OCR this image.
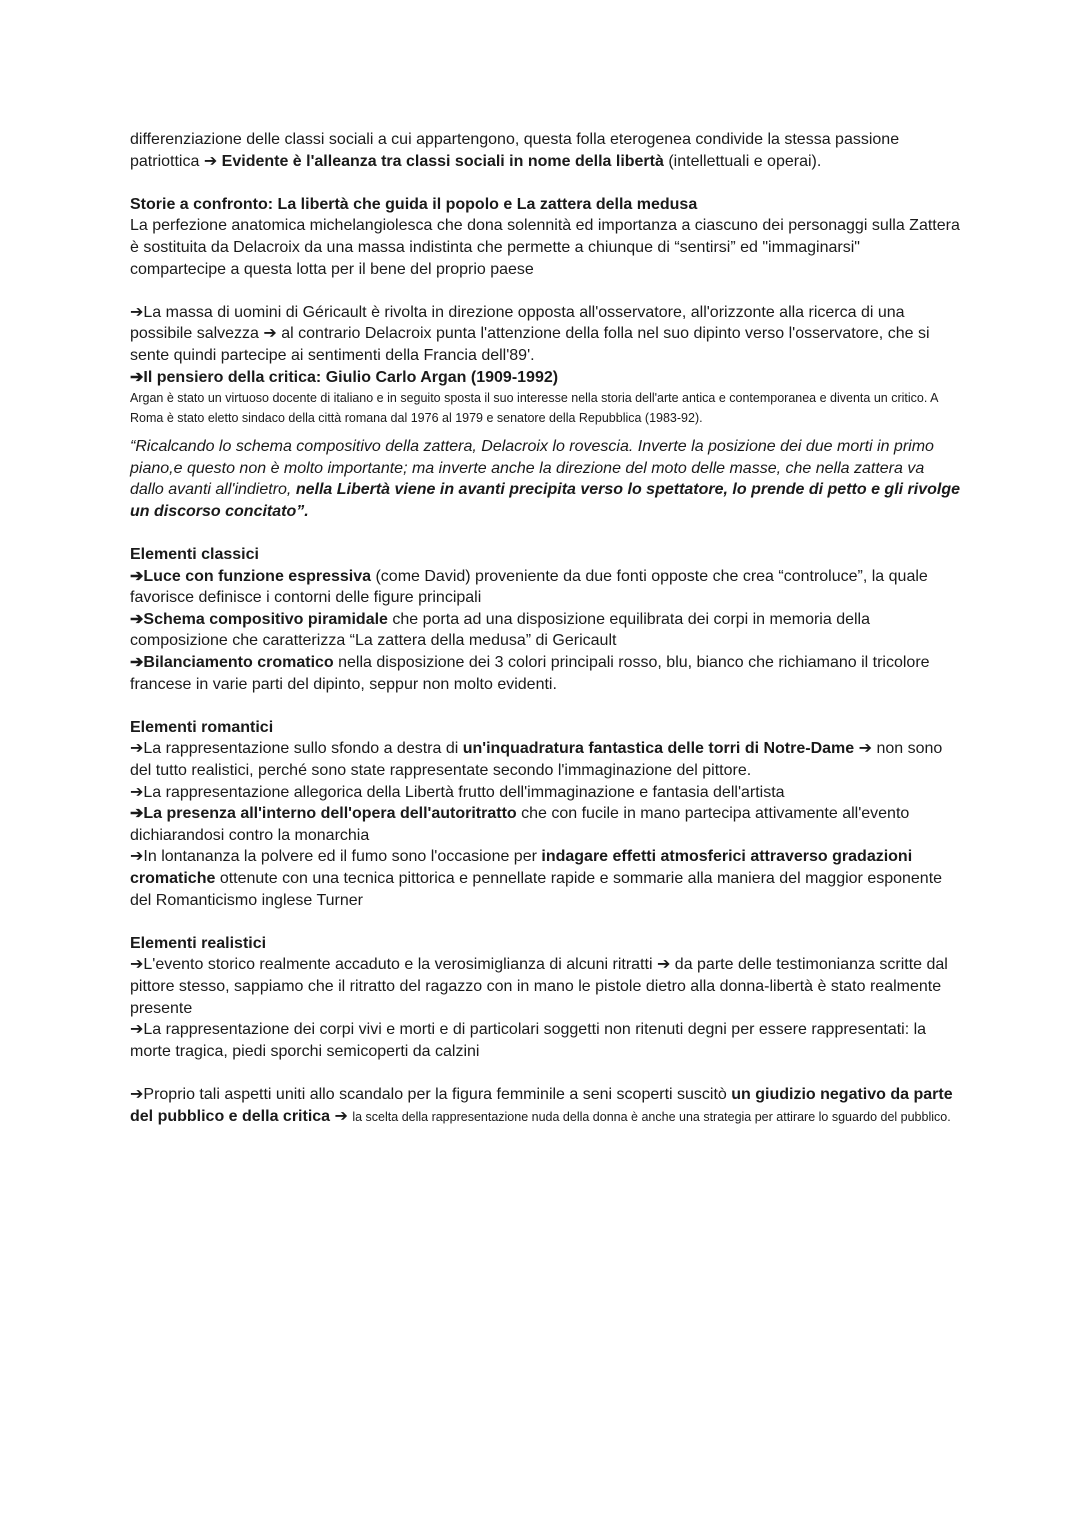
differenziazione delle classi sociali a cui appartengono, questa folla eterogenea condivide la stessa passione patriottica ➔ Evidente è l'alleanza tra classi sociali in nome della libertà (intellettuali e operai).

Storie a confronto: La libertà che guida il popolo e La zattera della medusa

La perfezione anatomica michelangiolesca che dona solennità ed importanza a ciascuno dei personaggi sulla Zattera è sostituita da Delacroix da una massa indistinta che permette a chiunque di “sentirsi” ed "immaginarsi" compartecipe a questa lotta per il bene del proprio paese

➔La massa di uomini di Géricault è rivolta in direzione opposta all'osservatore, all'orizzonte alla ricerca di una possibile salvezza ➔ al contrario Delacroix punta l'attenzione della folla nel suo dipinto verso l'osservatore, che si sente quindi partecipe ai sentimenti della Francia dell'89'.

➔Il pensiero della critica: Giulio Carlo Argan (1909-1992)

Argan è stato un virtuoso docente di italiano e in seguito sposta il suo interesse nella storia dell'arte antica e contemporanea e diventa un critico. A Roma è stato eletto sindaco della città romana dal 1976 al 1979 e senatore della Repubblica (1983-92).

“Ricalcando lo schema compositivo della zattera, Delacroix lo rovescia. Inverte la posizione dei due morti in primo piano,e questo non è molto importante; ma inverte anche la direzione del moto delle masse, che nella zattera va dallo avanti all'indietro, nella Libertà viene in avanti precipita verso lo spettatore, lo prende di petto e gli rivolge un discorso concitato”.

Elementi classici

➔Luce con funzione espressiva (come David) proveniente da due fonti opposte che crea “controluce”, la quale favorisce definisce i contorni delle figure principali

➔Schema compositivo piramidale che porta ad una disposizione equilibrata dei corpi in memoria della composizione che caratterizza “La zattera della medusa” di Gericault

➔Bilanciamento cromatico nella disposizione dei 3 colori principali rosso, blu, bianco che richiamano il tricolore francese in varie parti del dipinto, seppur non molto evidenti.

Elementi romantici

➔La rappresentazione sullo sfondo a destra di un'inquadratura fantastica delle torri di Notre-Dame ➔ non sono del tutto realistici, perché sono state rappresentate secondo l'immaginazione del pittore.

➔La rappresentazione allegorica della Libertà frutto dell'immaginazione e fantasia dell'artista

➔La presenza all'interno dell'opera dell'autoritratto che con fucile in mano partecipa attivamente all'evento dichiarandosi contro la monarchia

➔In lontananza la polvere ed il fumo sono l'occasione per indagare effetti atmosferici attraverso gradazioni cromatiche ottenute con una tecnica pittorica e pennellate rapide e sommarie alla maniera del maggior esponente del Romanticismo inglese Turner

Elementi realistici

➔L'evento storico realmente accaduto e la verosimiglianza di alcuni ritratti ➔ da parte delle testimonianza scritte dal pittore stesso, sappiamo che il ritratto del ragazzo con in mano le pistole dietro alla donna-libertà è stato realmente presente

➔La rappresentazione dei corpi vivi e morti e di particolari soggetti non ritenuti degni per essere rappresentati: la morte tragica, piedi sporchi semicoperti da calzini

➔Proprio tali aspetti uniti allo scandalo per la figura femminile a seni scoperti suscitò un giudizio negativo da parte del pubblico e della critica ➔ la scelta della rappresentazione nuda della donna è anche una strategia per attirare lo sguardo del pubblico.
